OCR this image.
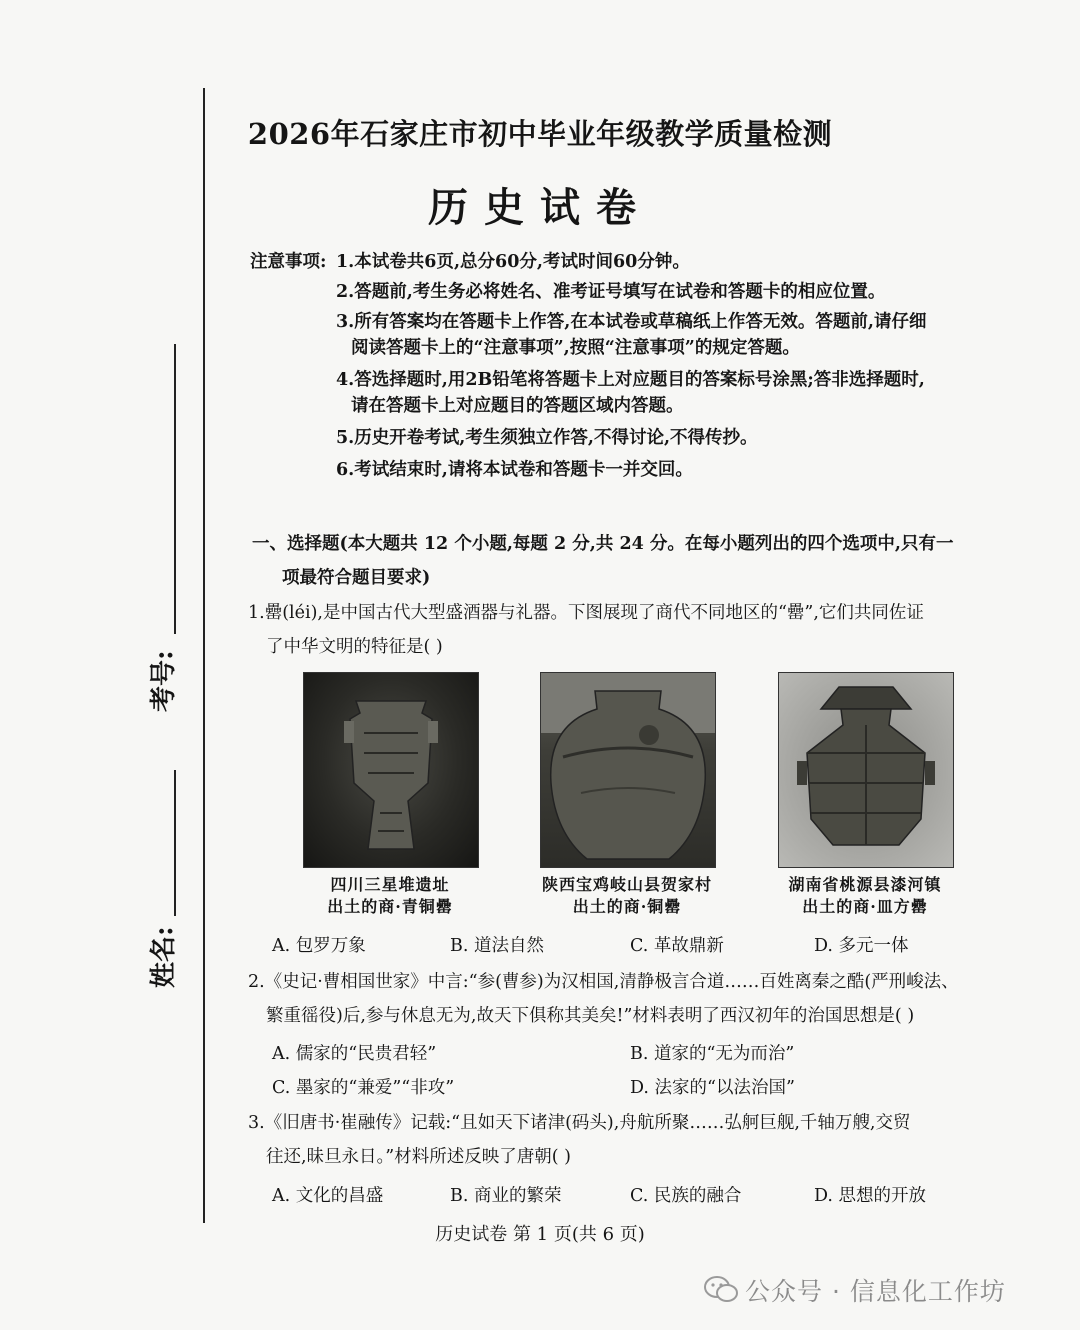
考号:
姓名:
2026年石家庄市初中毕业年级教学质量检测
历史试卷
注意事项: 1.本试卷共6页,总分60分,考试时间60分钟。
2.答题前,考生务必将姓名、准考证号填写在试卷和答题卡的相应位置。
3.所有答案均在答题卡上作答,在本试卷或草稿纸上作答无效。答题前,请仔细
阅读答题卡上的“注意事项”,按照“注意事项”的规定答题。
4.答选择题时,用2B铅笔将答题卡上对应题目的答案标号涂黑;答非选择题时,
请在答题卡上对应题目的答题区域内答题。
5.历史开卷考试,考生须独立作答,不得讨论,不得传抄。
6.考试结束时,请将本试卷和答题卡一并交回。
一、选择题(本大题共 12 个小题,每题 2 分,共 24 分。在每小题列出的四个选项中,只有一
项最符合题目要求)
1.罍(léi),是中国古代大型盛酒器与礼器。下图展现了商代不同地区的“罍”,它们共同佐证
了中华文明的特征是( )
四川三星堆遗址
出土的商·青铜罍
陕西宝鸡岐山县贺家村
出土的商·铜罍
湖南省桃源县漆河镇
出土的商·皿方罍
A. 包罗万象	B. 道法自然	C. 革故鼎新	D. 多元一体
2.《史记·曹相国世家》中言:“参(曹参)为汉相国,清静极言合道……百姓离秦之酷(严刑峻法、
繁重徭役)后,参与休息无为,故天下俱称其美矣!”材料表明了西汉初年的治国思想是( )
A. 儒家的“民贵君轻”	B. 道家的“无为而治”
C. 墨家的“兼爱”“非攻”	D. 法家的“以法治国”
3.《旧唐书·崔融传》记载:“且如天下诸津(码头),舟航所聚……弘舸巨舰,千轴万艘,交贸
往还,昧旦永日。”材料所述反映了唐朝( )
A. 文化的昌盛	B. 商业的繁荣	C. 民族的融合	D. 思想的开放
历史试卷 第 1 页(共 6 页)
公众号 · 信息化工作坊
